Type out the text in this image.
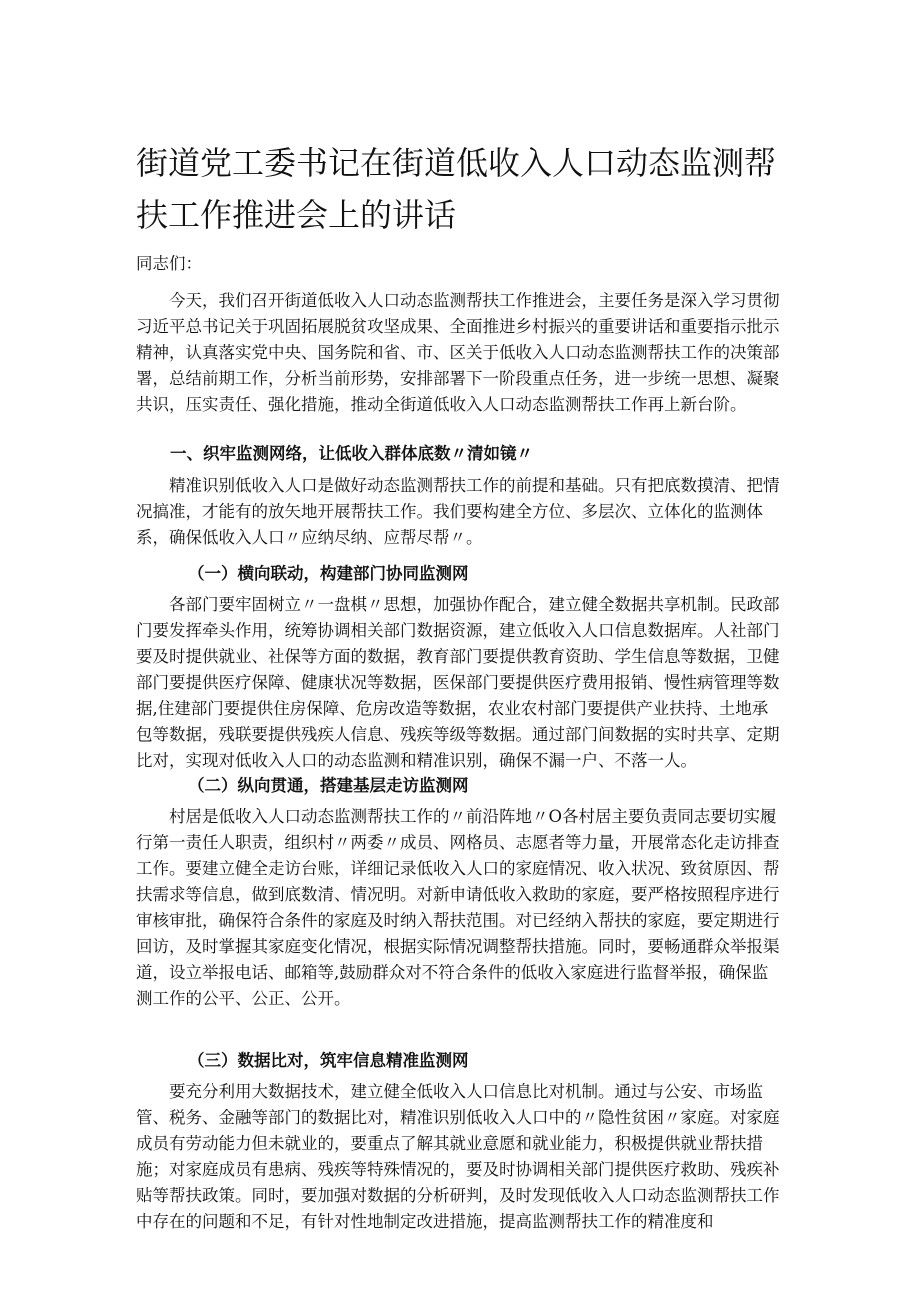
街道党工委书记在街道低收入人口动态监测帮扶工作推进会上的讲话

同志们：

今天，我们召开街道低收入人口动态监测帮扶工作推进会，主要任务是深入学习贯彻习近平总书记关于巩固拓展脱贫攻坚成果、全面推进乡村振兴的重要讲话和重要指示批示精神，认真落实党中央、国务院和省、市、区关于低收入人口动态监测帮扶工作的决策部署，总结前期工作，分析当前形势，安排部署下一阶段重点任务，进一步统一思想、凝聚共识，压实责任、强化措施，推动全街道低收入人口动态监测帮扶工作再上新台阶。

一、织牢监测网络，让低收入群体底数〃清如镜〃

精准识别低收入人口是做好动态监测帮扶工作的前提和基础。只有把底数摸清、把情况搞准，才能有的放矢地开展帮扶工作。我们要构建全方位、多层次、立体化的监测体系，确保低收入人口〃应纳尽纳、应帮尽帮〃。

（一）横向联动，构建部门协同监测网

各部门要牢固树立〃一盘棋〃思想，加强协作配合，建立健全数据共享机制。民政部门要发挥牵头作用，统筹协调相关部门数据资源，建立低收入人口信息数据库。人社部门要及时提供就业、社保等方面的数据，教育部门要提供教育资助、学生信息等数据，卫健部门要提供医疗保障、健康状况等数据，医保部门要提供医疗费用报销、慢性病管理等数据,住建部门要提供住房保障、危房改造等数据，农业农村部门要提供产业扶持、土地承包等数据，残联要提供残疾人信息、残疾等级等数据。通过部门间数据的实时共享、定期比对，实现对低收入人口的动态监测和精准识别，确保不漏一户、不落一人。

（二）纵向贯通，搭建基层走访监测网

村居是低收入人口动态监测帮扶工作的〃前沿阵地〃O各村居主要负责同志要切实履行第一责任人职责，组织村〃两委〃成员、网格员、志愿者等力量，开展常态化走访排查工作。要建立健全走访台账，详细记录低收入人口的家庭情况、收入状况、致贫原因、帮扶需求等信息，做到底数清、情况明。对新申请低收入救助的家庭，要严格按照程序进行审核审批，确保符合条件的家庭及时纳入帮扶范围。对已经纳入帮扶的家庭，要定期进行回访，及时掌握其家庭变化情况，根据实际情况调整帮扶措施。同时，要畅通群众举报渠道，设立举报电话、邮箱等,鼓励群众对不符合条件的低收入家庭进行监督举报，确保监测工作的公平、公正、公开。

（三）数据比对，筑牢信息精准监测网

要充分利用大数据技术，建立健全低收入人口信息比对机制。通过与公安、市场监管、税务、金融等部门的数据比对，精准识别低收入人口中的〃隐性贫困〃家庭。对家庭成员有劳动能力但未就业的，要重点了解其就业意愿和就业能力，积极提供就业帮扶措施；对家庭成员有患病、残疾等特殊情况的，要及时协调相关部门提供医疗救助、残疾补贴等帮扶政策。同时，要加强对数据的分析研判，及时发现低收入人口动态监测帮扶工作中存在的问题和不足，有针对性地制定改进措施，提高监测帮扶工作的精准度和
